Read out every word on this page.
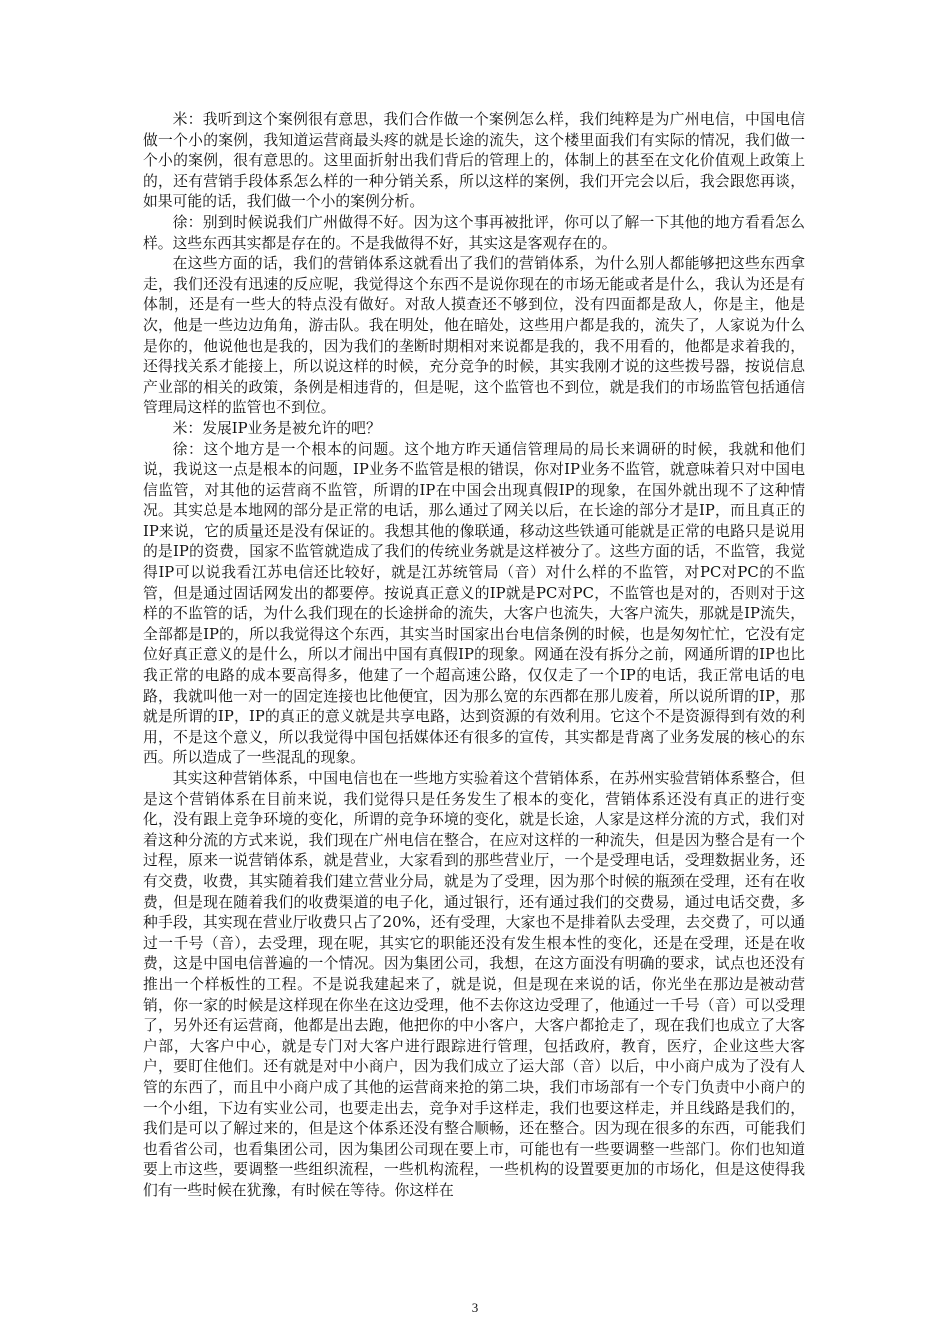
米：我听到这个案例很有意思，我们合作做一个案例怎么样，我们纯粹是为广州电信，中国电信做一个小的案例，我知道运营商最头疼的就是长途的流失，这个楼里面我们有实际的情况，我们做一个小的案例，很有意思的。这里面折射出我们背后的管理上的，体制上的甚至在文化价值观上政策上的，还有营销手段体系怎么样的一种分销关系，所以这样的案例，我们开完会以后，我会跟您再谈，如果可能的话，我们做一个小的案例分析。

徐：别到时候说我们广州做得不好。因为这个事再被批评，你可以了解一下其他的地方看看怎么样。这些东西其实都是存在的。不是我做得不好，其实这是客观存在的。

在这些方面的话，我们的营销体系这就看出了我们的营销体系，为什么别人都能够把这些东西拿走，我们还没有迅速的反应呢，我觉得这个东西不是说你现在的市场无能或者是什么，我认为还是有体制，还是有一些大的特点没有做好。对敌人摸查还不够到位，没有四面都是敌人，你是主，他是次，他是一些边边角角，游击队。我在明处，他在暗处，这些用户都是我的，流失了，人家说为什么是你的，他说他也是我的，因为我们的垄断时期相对来说都是我的，我不用看的，他都是求着我的，还得找关系才能接上，所以说这样的时候，充分竞争的时候，其实我刚才说的这些拨号器，按说信息产业部的相关的政策，条例是相违背的，但是呢，这个监管也不到位，就是我们的市场监管包括通信管理局这样的监管也不到位。

米：发展IP业务是被允许的吧？

徐：这个地方是一个根本的问题。这个地方昨天通信管理局的局长来调研的时候，我就和他们说，我说这一点是根本的问题，IP业务不监管是根的错误，你对IP业务不监管，就意味着只对中国电信监管，对其他的运营商不监管，所谓的IP在中国会出现真假IP的现象，在国外就出现不了这种情况。其实总是本地网的部分是正常的电话，那么通过了网关以后，在长途的部分才是IP，而且真正的IP来说，它的质量还是没有保证的。我想其他的像联通，移动这些铁通可能就是正常的电路只是说用的是IP的资费，国家不监管就造成了我们的传统业务就是这样被分了。这些方面的话，不监管，我觉得IP可以说我看江苏电信还比较好，就是江苏统管局（音）对什么样的不监管，对PC对PC的不监管，但是通过固话网发出的都要停。按说真正意义的IP就是PC对PC，不监管也是对的，否则对于这样的不监管的话，为什么我们现在的长途拼命的流失，大客户也流失，大客户流失，那就是IP流失，全部都是IP的，所以我觉得这个东西，其实当时国家出台电信条例的时候，也是匆匆忙忙，它没有定位好真正意义的是什么，所以才闹出中国有真假IP的现象。网通在没有拆分之前，网通所谓的IP也比我正常的电路的成本要高得多，他建了一个超高速公路，仅仅走了一个IP的电话，我正常电话的电路，我就叫他一对一的固定连接也比他便宜，因为那么宽的东西都在那儿废着，所以说所谓的IP，那就是所谓的IP，IP的真正的意义就是共享电路，达到资源的有效利用。它这个不是资源得到有效的利用，不是这个意义，所以我觉得中国包括媒体还有很多的宣传，其实都是背离了业务发展的核心的东西。所以造成了一些混乱的现象。

其实这种营销体系，中国电信也在一些地方实验着这个营销体系，在苏州实验营销体系整合，但是这个营销体系在目前来说，我们觉得只是任务发生了根本的变化，营销体系还没有真正的进行变化，没有跟上竞争环境的变化，所谓的竞争环境的变化，就是长途，人家是这样分流的方式，我们对着这种分流的方式来说，我们现在广州电信在整合，在应对这样的一种流失，但是因为整合是有一个过程，原来一说营销体系，就是营业，大家看到的那些营业厅，一个是受理电话，受理数据业务，还有交费，收费，其实随着我们建立营业分局，就是为了受理，因为那个时候的瓶颈在受理，还有在收费，但是现在随着我们的收费渠道的电子化，通过银行，还有通过我们的交费易，通过电话交费，多种手段，其实现在营业厅收费只占了20%，还有受理，大家也不是排着队去受理，去交费了，可以通过一千号（音），去受理，现在呢，其实它的职能还没有发生根本性的变化，还是在受理，还是在收费，这是中国电信普遍的一个情况。因为集团公司，我想，在这方面没有明确的要求，试点也还没有推出一个样板性的工程。不是说我建起来了，就是说，但是现在来说的话，你光坐在那边是被动营销，你一家的时候是这样现在你坐在这边受理，他不去你这边受理了，他通过一千号（音）可以受理了，另外还有运营商，他都是出去跑，他把你的中小客户，大客户都抢走了，现在我们也成立了大客户部，大客户中心，就是专门对大客户进行跟踪进行管理，包括政府，教育，医疗，企业这些大客户，要盯住他们。还有就是对中小商户，因为我们成立了运大部（音）以后，中小商户成为了没有人管的东西了，而且中小商户成了其他的运营商来抢的第二块，我们市场部有一个专门负责中小商户的一个小组，下边有实业公司，也要走出去，竞争对手这样走，我们也要这样走，并且线路是我们的，我们是可以了解过来的，但是这个体系还没有整合顺畅，还在整合。因为现在很多的东西，可能我们也看省公司，也看集团公司，因为集团公司现在要上市，可能也有一些要调整一些部门。你们也知道要上市这些，要调整一些组织流程，一些机构流程，一些机构的设置要更加的市场化，但是这使得我们有一些时候在犹豫，有时候在等待。你这样在

3
